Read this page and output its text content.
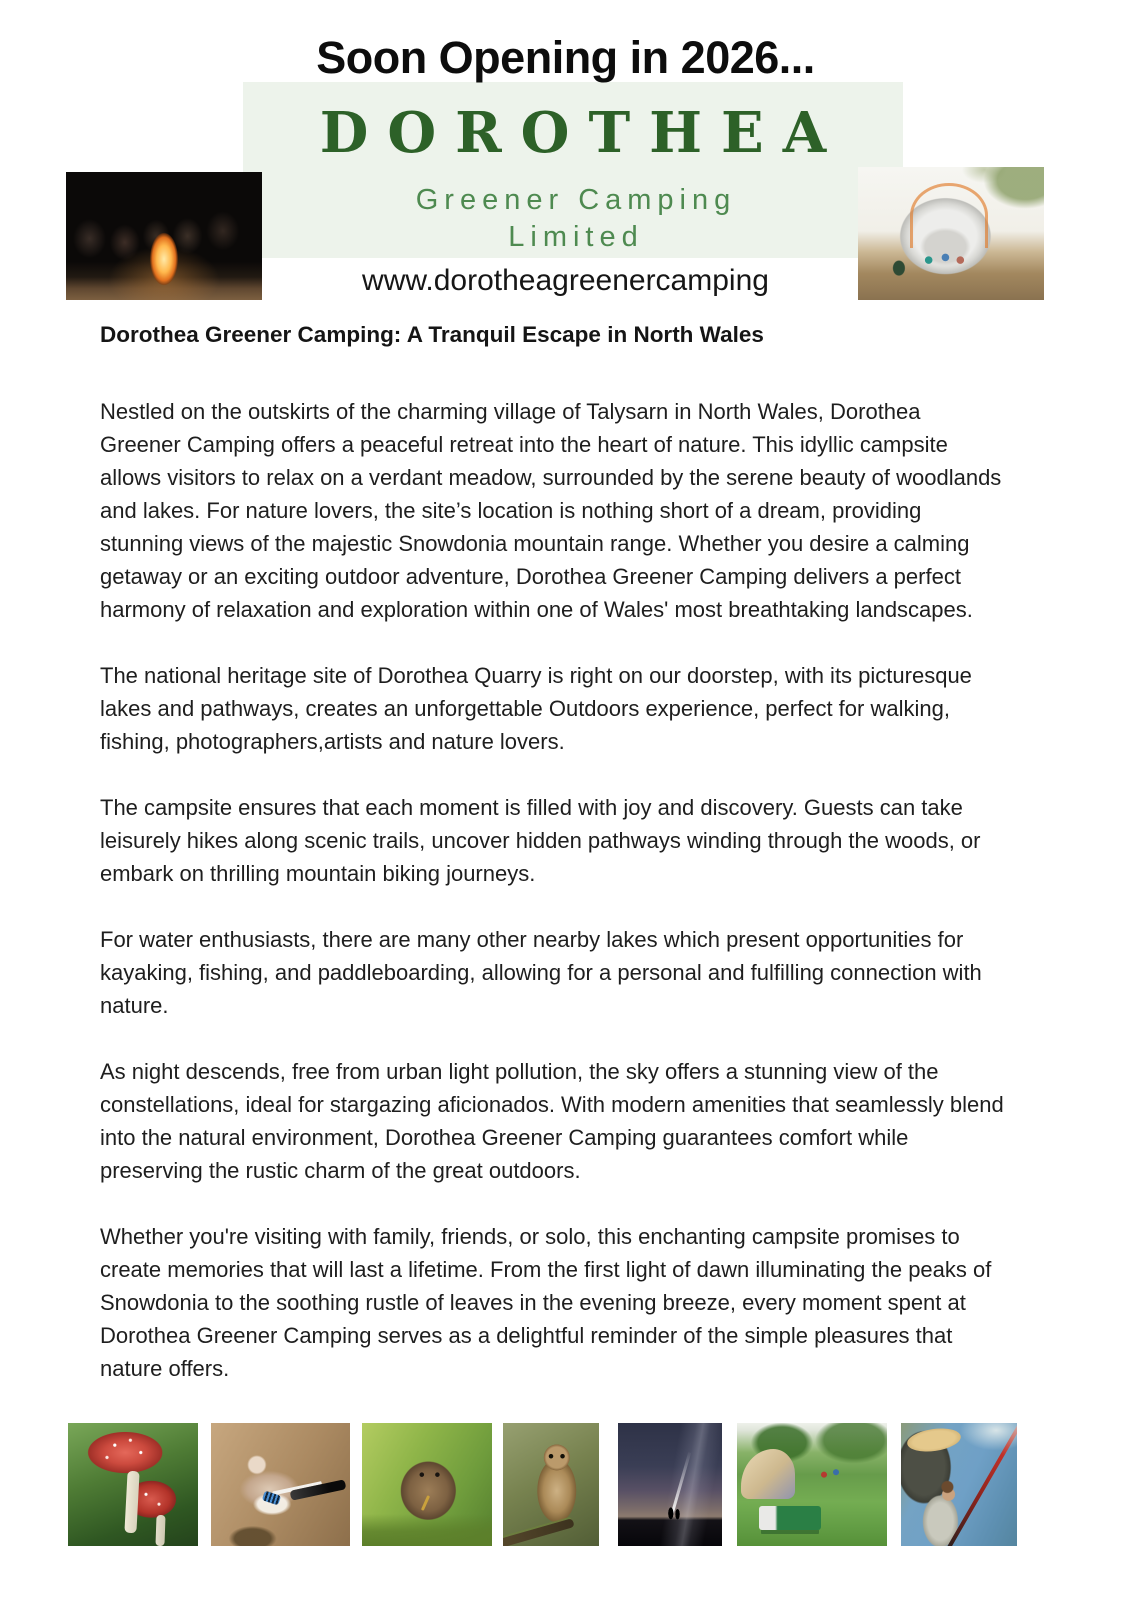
Soon Opening in 2026...
DOROTHEA
Greener Camping
Limited
www.dorotheagreenercamping
Dorothea Greener Camping: A Tranquil Escape in North Wales

Nestled on the outskirts of the charming village of Talysarn in North Wales, Dorothea Greener Camping offers a peaceful retreat into the heart of nature. This idyllic campsite allows visitors to relax on a verdant meadow, surrounded by the serene beauty of woodlands and lakes. For nature lovers, the site’s location is nothing short of a dream, providing stunning views of the majestic Snowdonia mountain range. Whether you desire a calming getaway or an exciting outdoor adventure, Dorothea Greener Camping delivers a perfect harmony of relaxation and exploration within one of Wales' most breathtaking landscapes.

The national heritage site of Dorothea Quarry is right on our doorstep, with its picturesque lakes and pathways, creates an unforgettable Outdoors experience, perfect for walking, fishing, photographers,artists and nature lovers.

The campsite ensures that each moment is filled with joy and discovery. Guests can take leisurely hikes along scenic trails, uncover hidden pathways winding through the woods, or embark on thrilling mountain biking journeys.

For water enthusiasts, there are many other nearby lakes which present opportunities for kayaking, fishing, and paddleboarding, allowing for a personal and fulfilling connection with nature.

As night descends, free from urban light pollution, the sky offers a stunning view of the constellations, ideal for stargazing aficionados. With modern amenities that seamlessly blend into the natural environment, Dorothea Greener Camping guarantees comfort while preserving the rustic charm of the great outdoors.

Whether you're visiting with family, friends, or solo, this enchanting campsite promises to create memories that will last a lifetime. From the first light of dawn illuminating the peaks of Snowdonia to the soothing rustle of leaves in the evening breeze, every moment spent at Dorothea Greener Camping serves as a delightful reminder of the simple pleasures that nature offers.
